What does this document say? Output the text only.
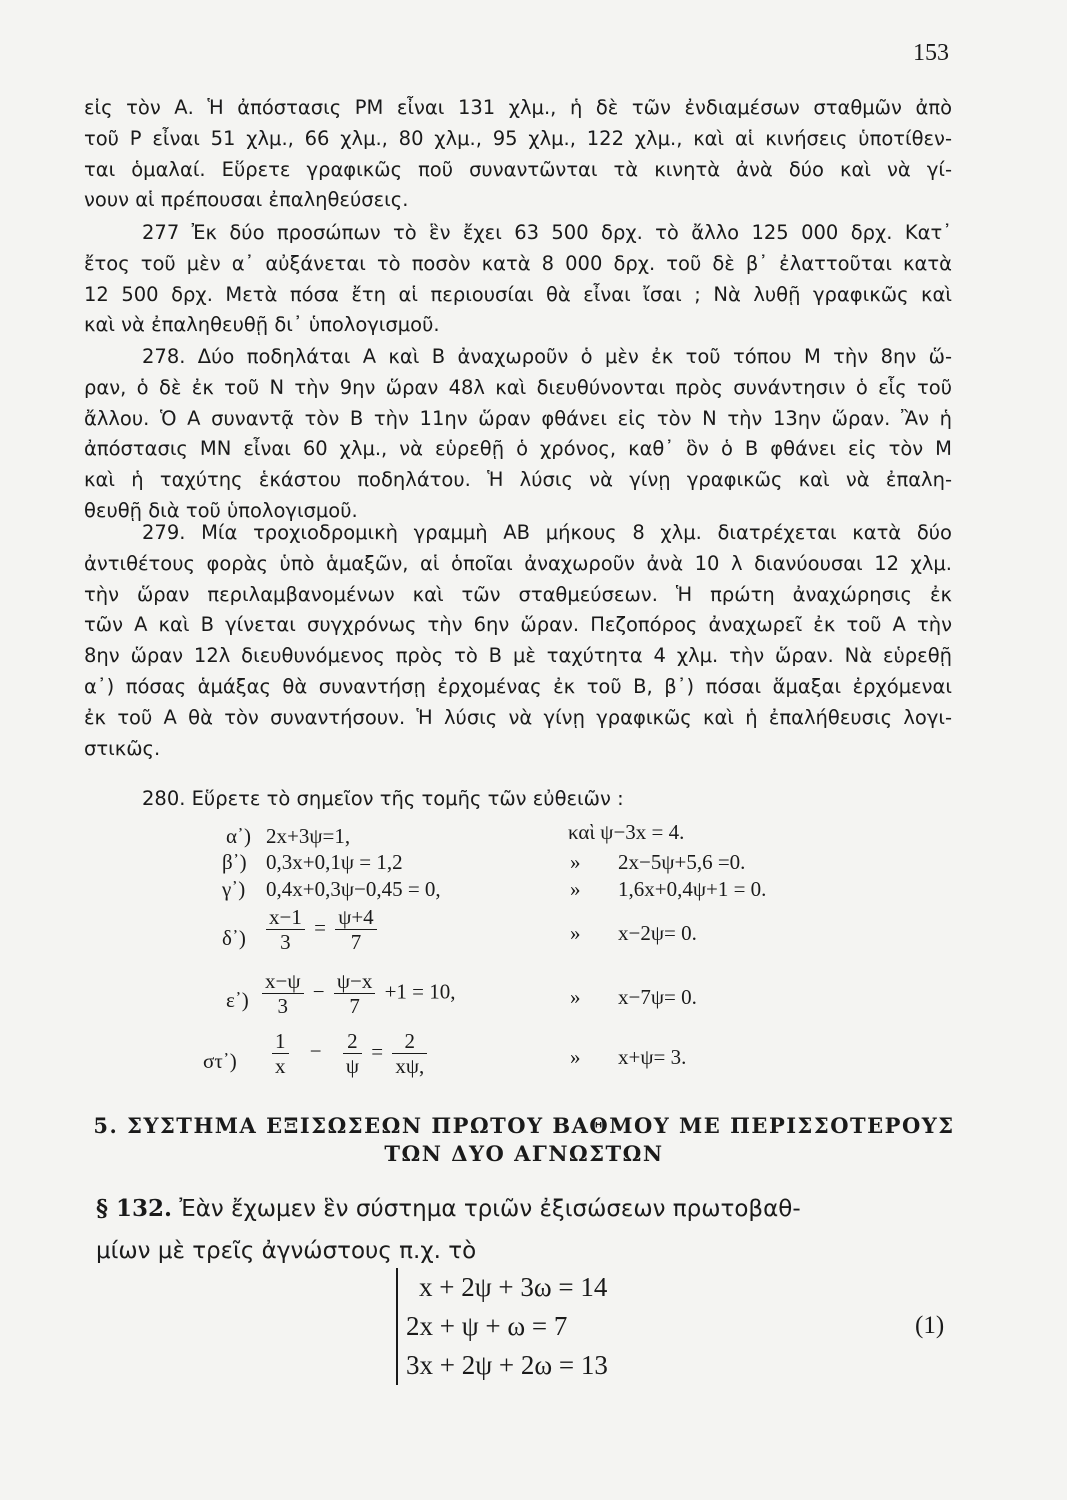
153
εἰς τὸν Α. Ἡ ἀπόστασις ΡΜ εἶναι 131 χλμ., ἡ δὲ τῶν ἐνδιαμέσων σταθμῶν ἀπὸ
τοῦ Ρ εἶναι 51 χλμ., 66 χλμ., 80 χλμ., 95 χλμ., 122 χλμ., καὶ αἱ κινήσεις ὑποτίθεν-
ται ὁμαλαί. Εὕρετε γραφικῶς ποῦ συναντῶνται τὰ κινητὰ ἀνὰ δύο καὶ νὰ γί-
νουν αἱ πρέπουσαι ἐπαληθεύσεις.
277 Ἐκ δύο προσώπων τὸ ἓν ἔχει 63 500 δρχ. τὸ ἄλλο 125 000 δρχ. Κατ᾽
ἔτος τοῦ μὲν α᾽ αὐξάνεται τὸ ποσὸν κατὰ 8 000 δρχ. τοῦ δὲ β᾽ ἐλαττοῦται κατὰ
12 500 δρχ. Μετὰ πόσα ἔτη αἱ περιουσίαι θὰ εἶναι ἴσαι ; Νὰ λυθῇ γραφικῶς καὶ
καὶ νὰ ἐπαληθευθῇ δι᾽ ὑπολογισμοῦ.
278. Δύο ποδηλάται Α καὶ Β ἀναχωροῦν ὁ μὲν ἐκ τοῦ τόπου Μ τὴν 8ην ὥ-
ραν, ὁ δὲ ἐκ τοῦ Ν τὴν 9ην ὥραν 48λ καὶ διευθύνονται πρὸς συνάντησιν ὁ εἷς τοῦ
ἄλλου. Ὁ Α συναντᾷ τὸν Β τὴν 11ην ὥραν φθάνει εἰς τὸν Ν τὴν 13ην ὥραν. Ἂν ἡ
ἀπόστασις ΜΝ εἶναι 60 χλμ., νὰ εὑρεθῇ ὁ χρόνος, καθ᾽ ὃν ὁ Β φθάνει εἰς τὸν Μ
καὶ ἡ ταχύτης ἑκάστου ποδηλάτου. Ἡ λύσις νὰ γίνῃ γραφικῶς καὶ νὰ ἐπαλη-
θευθῇ διὰ τοῦ ὑπολογισμοῦ.
279. Μία τροχιοδρομικὴ γραμμὴ ΑΒ μήκους 8 χλμ. διατρέχεται κατὰ δύο
ἀντιθέτους φορὰς ὑπὸ ἁμαξῶν, αἱ ὁποῖαι ἀναχωροῦν ἀνὰ 10 λ διανύουσαι 12 χλμ.
τὴν ὥραν περιλαμβανομένων καὶ τῶν σταθμεύσεων. Ἡ πρώτη ἀναχώρησις ἐκ
τῶν Α καὶ Β γίνεται συγχρόνως τὴν 6ην ὥραν. Πεζοπόρος ἀναχωρεῖ ἐκ τοῦ Α τὴν
8ην ὥραν 12λ διευθυνόμενος πρὸς τὸ Β μὲ ταχύτητα 4 χλμ. τὴν ὥραν. Νὰ εὑρεθῇ
α᾽) πόσας ἁμάξας θὰ συναντήσῃ ἐρχομένας ἐκ τοῦ Β, β᾽) πόσαι ἅμαξαι ἐρχόμεναι
ἐκ τοῦ Α θὰ τὸν συναντήσουν. Ἡ λύσις νὰ γίνῃ γραφικῶς καὶ ἡ ἐπαλήθευσις λογι-
στικῶς.
280. Εὕρετε τὸ σημεῖον τῆς τομῆς τῶν εὐθειῶν :
α᾽) 2x+3ψ=1,	καὶ ψ−3x = 4.
β᾽) 0,3x+0,1ψ = 1,2	» 2x−5ψ+5,6 =0.
γ᾽) 0,4x+0,3ψ−0,45 = 0,	» 1,6x+0,4ψ+1 = 0.
δ᾽) $\frac{x-1}{3} = \frac{\psi+4}{7}$	» x−2ψ= 0.
ε᾽) $\frac{x-\psi}{3} - \frac{\psi-x}{7} +1 = 10$,	» x−7ψ= 0.
στ᾽) $\frac{1}{x} - \frac{2}{\psi} = \frac{2}{x\psi,}$	» x+ψ= 3.
5. ΣΥΣΤΗΜΑ ΕΞΙΣΩΣΕΩΝ ΠΡΩΤΟΥ ΒΑΘΜΟΥ ΜΕ ΠΕΡΙΣΣΟΤΕΡΟΥΣ
ΤΩΝ ΔΥΟ ΑΓΝΩΣΤΩΝ
§ 132. Ἐὰν ἔχωμεν ἓν σύστημα τριῶν ἐξισώσεων πρωτοβαθ-
μίων μὲ τρεῖς ἀγνώστους π.χ. τὸ
x + 2ψ + 3ω = 14
2x + ψ + ω = 7
3x + 2ψ + 2ω = 13
(1)
